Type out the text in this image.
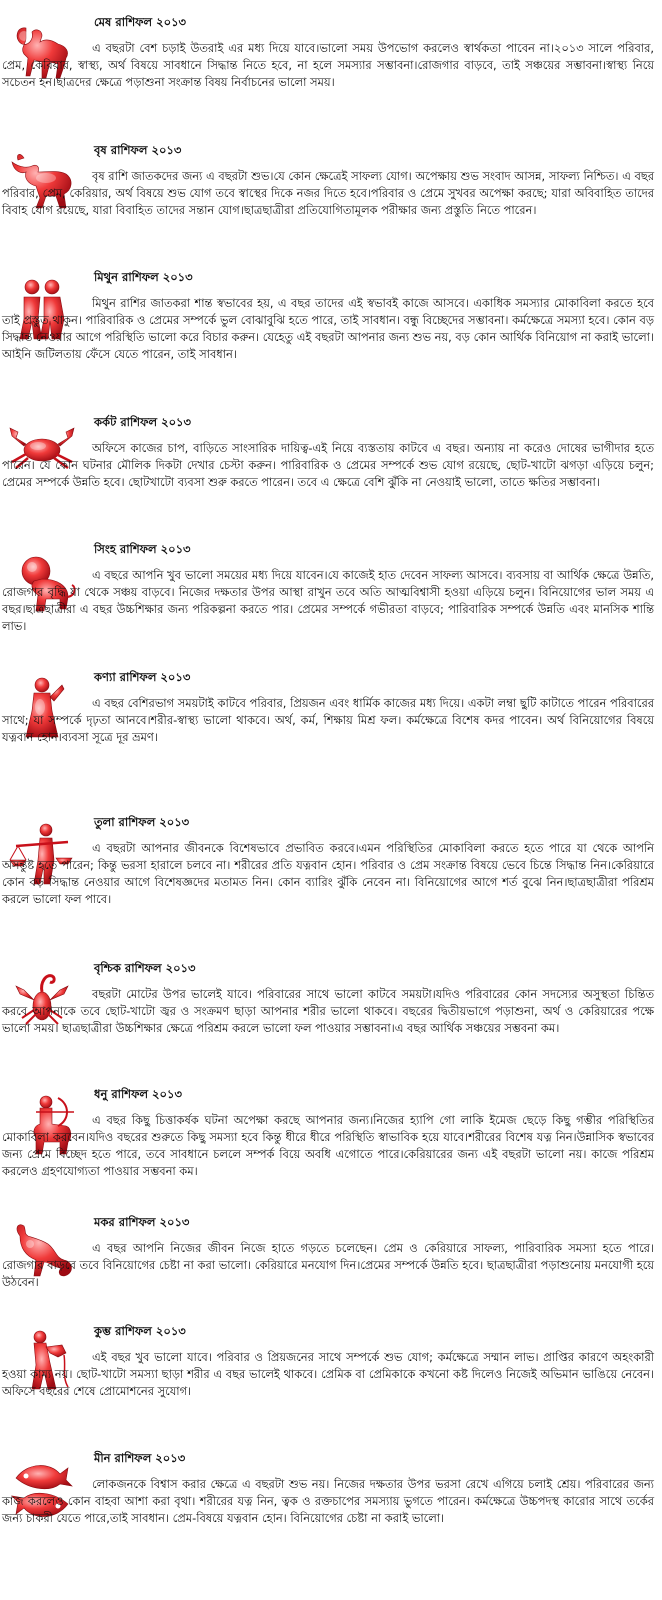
মেষ রাশিফল ২০১৩
এ বছরটা বেশ চড়াই উতরাই এর মধ্য দিয়ে যাবে।ভালো সময় উপভোগ করলেও স্বার্থকতা পাবেন না।২০১৩ সালে পরিবার, প্রেম, কেরিয়ার, স্বাস্থ্য, অর্থ বিষয়ে সাবধানে সিদ্ধান্ত নিতে হবে, না হলে সমস্যার সম্ভাবনা।রোজগার বাড়বে, তাই সঞ্চয়ের সম্ভাবনা।স্বাস্থ্য নিয়ে সচেতন হন।ছাত্রদের ক্ষেত্রে পড়াশুনা সংক্রান্ত বিষয় নির্বাচনের ভালো সময়।
বৃষ রাশিফল ২০১৩
বৃষ রাশি জাতকদের জন্য এ বছরটা শুভ।যে কোন ক্ষেত্রেই সাফল্য যোগ। অপেক্ষায় শুভ সংবাদ আসন্ন, সাফল্য নিশ্চিত। এ বছর পরিবার, প্রেম, কেরিয়ার, অর্থ বিষয়ে শুভ যোগ তবে স্বাস্থের দিকে নজর দিতে হবে।পরিবার ও প্রেমে সুখবর অপেক্ষা করছে; যারা অবিবাহিত তাদের বিবাহ যোগ রয়েছে, যারা বিবাহিত তাদের সন্তান যোগ।ছাত্রছাত্রীরা প্রতিযোগিতামূলক পরীক্ষার জন্য প্রস্তুতি নিতে পারেন।
মিথুন রাশিফল ২০১৩
মিথুন রাশির জাতকরা শান্ত স্বভাবের হয়, এ বছর তাদের এই স্বভাবই কাজে আসবে। একাধিক সমস্যার মোকাবিলা করতে হবে তাই প্রস্তুত থাকুন। পারিবারিক ও প্রেমের সম্পর্কে ভুল বোঝাবুঝি হতে পারে, তাই সাবধান। বন্ধু বিচ্ছেদের সম্ভাবনা। কর্মক্ষেত্রে সমস্যা হবে। কোন বড় সিদ্ধান্ত নেওয়ার আগে পরিস্থিতি ভালো করে বিচার করুন। যেহেতু এই বছরটা আপনার জন্য শুভ নয়, বড় কোন আর্থিক বিনিয়োগ না করাই ভালো। আইনি জটিলতায় ফেঁসে যেতে পারেন, তাই সাবধান।
কর্কট রাশিফল ২০১৩
অফিসে কাজের চাপ, বাড়িতে সাংসারিক দায়িত্ব-এই নিয়ে ব্যস্ততায় কাটবে এ বছর। অন্যায় না করেও দোষের ভাগীদার হতে পারেন। যে কোন ঘটনার মৌলিক দিকটা দেখার চেস্টা করুন। পারিবারিক ও প্রেমের সম্পর্কে শুভ যোগ রয়েছে, ছোট-খাটো ঝগড়া এড়িয়ে চলুন; প্রেমের সম্পর্কে উন্নতি হবে। ছোটখাটো ব্যবসা শুরু করতে পারেন। তবে এ ক্ষেত্রে বেশি ঝুঁকি না নেওয়াই ভালো, তাতে ক্ষতির সম্ভাবনা।
সিংহ রাশিফল ২০১৩
এ বছরে আপনি খুব ভালো সময়ের মধ্য দিয়ে যাবেন।যে কাজেই হাত দেবেন সাফল্য আসবে। ব্যবসায় বা আর্থিক ক্ষেত্রে উন্নতি, রোজগার বৃদ্ধি যা থেকে সঞ্চয় বাড়বে। নিজের দক্ষতার উপর আস্থা রাখুন তবে অতি আত্মবিশ্বাসী হওয়া এড়িয়ে চলুন। বিনিয়োগের ভাল সময় এ বছর।ছাত্রছাত্রীরা এ বছর উচ্চশিক্ষার জন্য পরিকল্পনা করতে পার। প্রেমের সম্পর্কে গভীরতা বাড়বে; পারিবারিক সম্পর্কে উন্নতি এবং মানসিক শান্তি লাভ।
কণ্যা রাশিফল ২০১৩
এ বছর বেশিরভাগ সময়টাই কাটবে পরিবার, প্রিয়জন এবং ধার্মিক কাজের মধ্য দিয়ে। একটা লম্বা ছুটি কাটাতে পারেন পরিবারের সাথে; যা সম্পর্কে দৃঢ়তা আনবে।শরীর-স্বাস্থ্য ভালো থাকবে। অর্থ, কর্ম, শিক্ষায় মিশ্র ফল। কর্মক্ষেত্রে বিশেষ কদর পাবেন। অর্থ বিনিয়োগের বিষয়ে যত্নবান হোন।ব্যবসা সূত্রে দূর ভ্রমণ।
তুলা রাশিফল ২০১৩
এ বছরটা আপনার জীবনকে বিশেষভাবে প্রভাবিত করবে।এমন পরিস্থিতির মোকাবিলা করতে হতে পারে যা থেকে আপনি অসন্তুষ্ট হতে পারেন; কিন্তু ভরসা হারালে চলবে না। শরীরের প্রতি যত্নবান হোন। পরিবার ও প্রেম সংক্রান্ত বিষয়ে ভেবে চিন্তে সিদ্ধান্ত নিন।কেরিয়ারে কোন বড় সিদ্ধান্ত নেওয়ার আগে বিশেষজ্ঞদের মতামত নিন। কোন ব্যারিং ঝুঁকি নেবেন না। বিনিয়োগের আগে শর্ত বুঝে নিন।ছাত্রছাত্রীরা পরিশ্রম করলে ভালো ফল পাবে।
বৃশ্চিক রাশিফল ২০১৩
বছরটা মোটের উপর ভালেই যাবে। পরিবারের সাথে ভালো কাটবে সময়টা।যদিও পরিবারের কোন সদস্যের অসুস্থতা চিন্তিত করবে আপনাকে তবে ছোট-খাটো জ্বর ও সংক্রমণ ছাড়া আপনার শরীর ভালো থাকবে। বছরের দ্বিতীয়ভাগে পড়াশুনা, অর্থ ও কেরিয়ারের পক্ষে ভালো সময়। ছাত্রছাত্রীরা উচ্চশিক্ষার ক্ষেত্রে পরিশ্রম করলে ভালো ফল পাওয়ার সম্ভাবনা।এ বছর আর্থিক সঞ্চয়ের সম্ভবনা কম।
ধনু রাশিফল ২০১৩
এ বছর কিছু চিত্তাকর্ষক ঘটনা অপেক্ষা করছে আপনার জন্য।নিজের হ্যাপি গো লাকি ইমেজ ছেড়ে কিছু গম্ভীর পরিস্থিতির মোকাবিলা করবেন।যদিও বছরের শুরুতে কিছু সমস্যা হবে কিন্তু ধীরে ধীরে পরিস্থিতি স্বাভাবিক হয়ে যাবে।শরীরের বিশেষ যত্ন নিন।উন্নাসিক স্বভাবের জন্য প্রেমে বিচ্ছেদ হতে পারে, তবে সাবধানে চললে সম্পর্ক বিয়ে অবধি এগোতে পারে।কেরিয়ারের জন্য এই বছরটা ভালো নয়। কাজে পরিশ্রম করলেও গ্রহণযোগ্যতা পাওয়ার সম্ভবনা কম।
মকর রাশিফল ২০১৩
এ বছর আপনি নিজের জীবন নিজে হাতে গড়তে চলেছেন। প্রেম ও কেরিয়ারে সাফল্য, পারিবারিক সমস্যা হতে পারে। রোজগার বাড়বে তবে বিনিয়োগের চেষ্টা না করা ভালো। কেরিয়ারে মনযোগ দিন।প্রেমের সম্পর্কে উন্নতি হবে। ছাত্রছাত্রীরা পড়াশুনোয় মনযোগী হয়ে উঠবেন।
কুম্ভ রাশিফল ২০১৩
এই বছর খুব ভালো যাবে। পরিবার ও প্রিয়জনের সাথে সম্পর্কে শুভ যোগ; কর্মক্ষেত্রে সম্মান লাভ। প্রাপ্তির কারণে অহংকারী হওয়া কাম্য নয়। ছোট-খাটো সমস্যা ছাড়া শরীর এ বছর ভালেই থাকবে। প্রেমিক বা প্রেমিকাকে কখনো কষ্ট দিলেও নিজেই অভিমান ভাঙিয়ে নেবেন। অফিসে বছরের শেষে প্রোমোশনের সুযোগ।
মীন রাশিফল ২০১৩
লোকজনকে বিশ্বাস করার ক্ষেত্রে এ বছরটা শুভ নয়। নিজের দক্ষতার উপর ভরসা রেখে এগিয়ে চলাই শ্রেয়। পরিবারের জন্য কাজ করলেও কোন বাহবা আশা করা বৃথা। শরীরের যত্ন নিন, ত্বক ও রক্তচাপের সমস্যায় ভুগতে পারেন। কর্মক্ষেত্রে উচ্চপদস্থ কারোর সাথে তর্কের জন্য চাকরী যেতে পারে,তাই সাবধান। প্রেম-বিষয়ে যত্নবান হোন। বিনিয়োগের চেষ্টা না করাই ভালো।
